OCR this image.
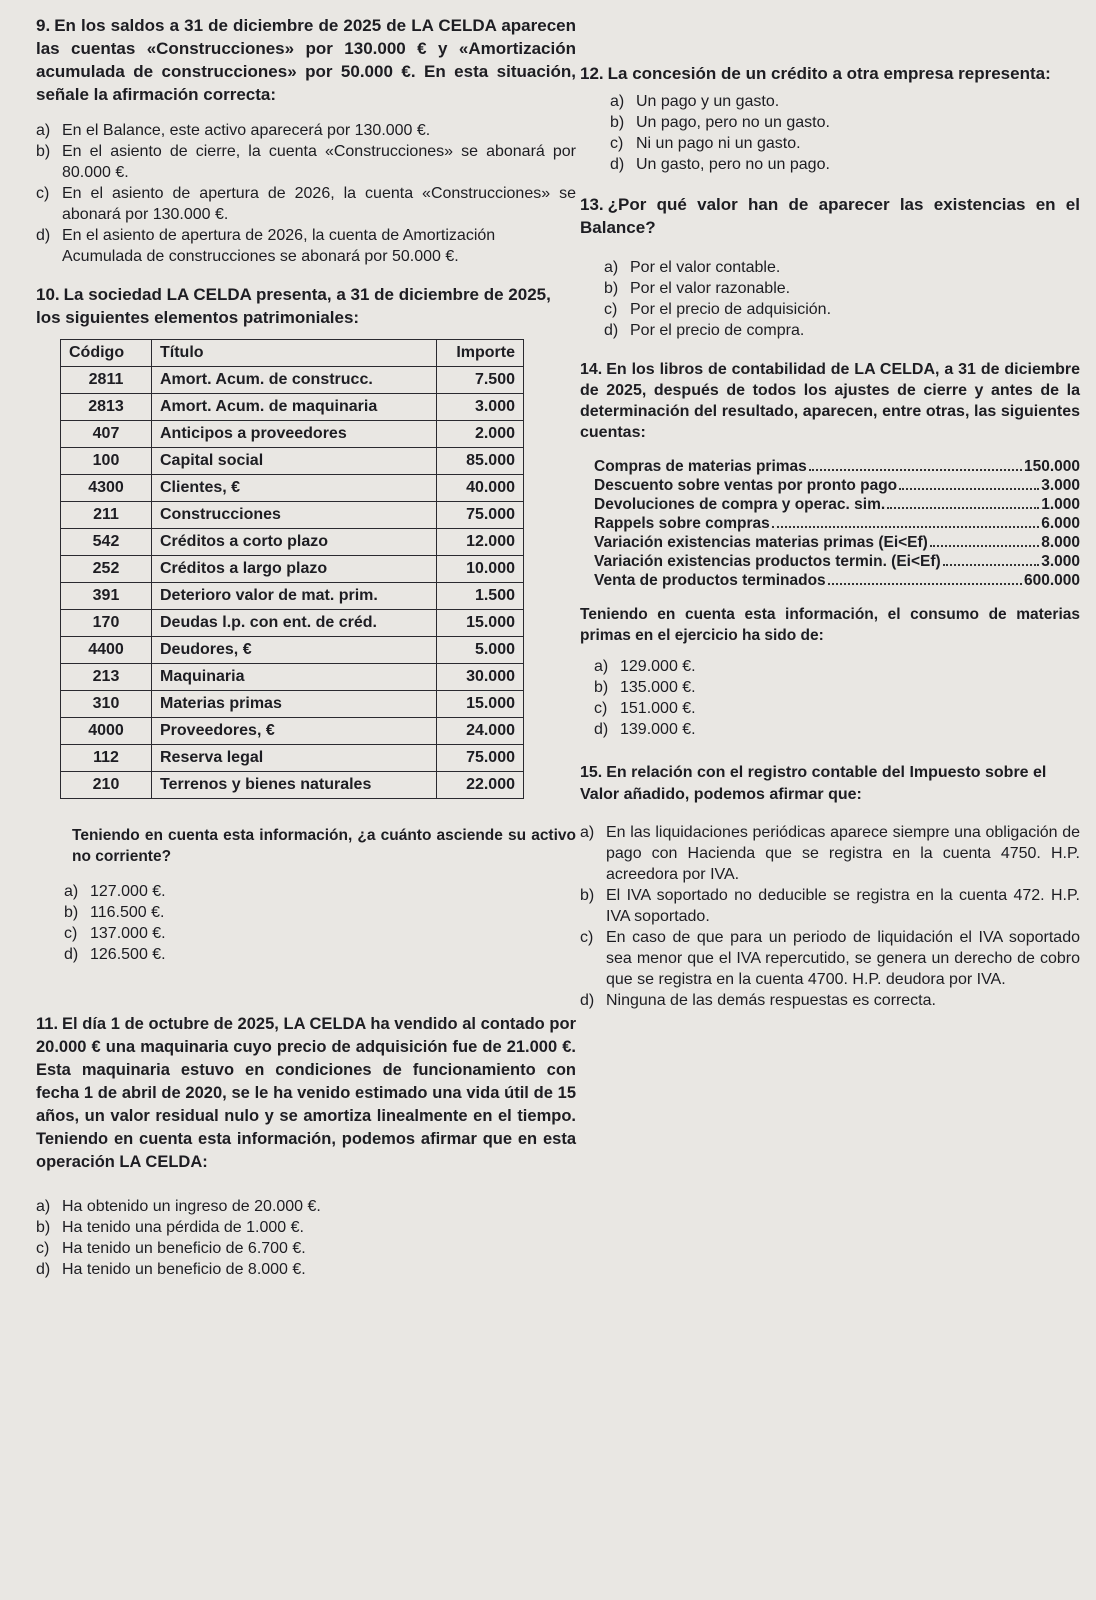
9. En los saldos a 31 de diciembre de 2025 de LA CELDA aparecen las cuentas «Construcciones» por 130.000 € y «Amortización acumulada de construcciones» por 50.000 €. En esta situación, señale la afirmación correcta:

a) En el Balance, este activo aparecerá por 130.000 €.
b) En el asiento de cierre, la cuenta «Construcciones» se abonará por 80.000 €.
c) En el asiento de apertura de 2026, la cuenta «Construcciones» se abonará por 130.000 €.
d) En el asiento de apertura de 2026, la cuenta de Amortización Acumulada de construcciones se abonará por 50.000 €.

10. La sociedad LA CELDA presenta, a 31 de diciembre de 2025, los siguientes elementos patrimoniales:

Código	Título	Importe
2811	Amort. Acum. de construcc.	7.500
2813	Amort. Acum. de maquinaria	3.000
407	Anticipos a proveedores	2.000
100	Capital social	85.000
4300	Clientes, €	40.000
211	Construcciones	75.000
542	Créditos a corto plazo	12.000
252	Créditos a largo plazo	10.000
391	Deterioro valor de mat. prim.	1.500
170	Deudas l.p. con ent. de créd.	15.000
4400	Deudores, €	5.000
213	Maquinaria	30.000
310	Materias primas	15.000
4000	Proveedores, €	24.000
112	Reserva legal	75.000
210	Terrenos y bienes naturales	22.000

Teniendo en cuenta esta información, ¿a cuánto asciende su activo no corriente?

a) 127.000 €.
b) 116.500 €.
c) 137.000 €.
d) 126.500 €.

11. El día 1 de octubre de 2025, LA CELDA ha vendido al contado por 20.000 € una maquinaria cuyo precio de adquisición fue de 21.000 €. Esta maquinaria estuvo en condiciones de funcionamiento con fecha 1 de abril de 2020, se le ha venido estimado una vida útil de 15 años, un valor residual nulo y se amortiza linealmente en el tiempo. Teniendo en cuenta esta información, podemos afirmar que en esta operación LA CELDA:

a) Ha obtenido un ingreso de 20.000 €.
b) Ha tenido una pérdida de 1.000 €.
c) Ha tenido un beneficio de 6.700 €.
d) Ha tenido un beneficio de 8.000 €.

12. La concesión de un crédito a otra empresa representa:

a) Un pago y un gasto.
b) Un pago, pero no un gasto.
c) Ni un pago ni un gasto.
d) Un gasto, pero no un pago.

13. ¿Por qué valor han de aparecer las existencias en el Balance?

a) Por el valor contable.
b) Por el valor razonable.
c) Por el precio de adquisición.
d) Por el precio de compra.

14. En los libros de contabilidad de LA CELDA, a 31 de diciembre de 2025, después de todos los ajustes de cierre y antes de la determinación del resultado, aparecen, entre otras, las siguientes cuentas:

Compras de materias primas	150.000
Descuento sobre ventas por pronto pago	3.000
Devoluciones de compra y operac. sim.	1.000
Rappels sobre compras	6.000
Variación existencias materias primas (Ei<Ef)	8.000
Variación existencias productos termin. (Ei<Ef)	3.000
Venta de productos terminados	600.000

Teniendo en cuenta esta información, el consumo de materias primas en el ejercicio ha sido de:

a) 129.000 €.
b) 135.000 €.
c) 151.000 €.
d) 139.000 €.

15. En relación con el registro contable del Impuesto sobre el Valor añadido, podemos afirmar que:

a) En las liquidaciones periódicas aparece siempre una obligación de pago con Hacienda que se registra en la cuenta 4750. H.P. acreedora por IVA.
b) El IVA soportado no deducible se registra en la cuenta 472. H.P. IVA soportado.
c) En caso de que para un periodo de liquidación el IVA soportado sea menor que el IVA repercutido, se genera un derecho de cobro que se registra en la cuenta 4700. H.P. deudora por IVA.
d) Ninguna de las demás respuestas es correcta.
